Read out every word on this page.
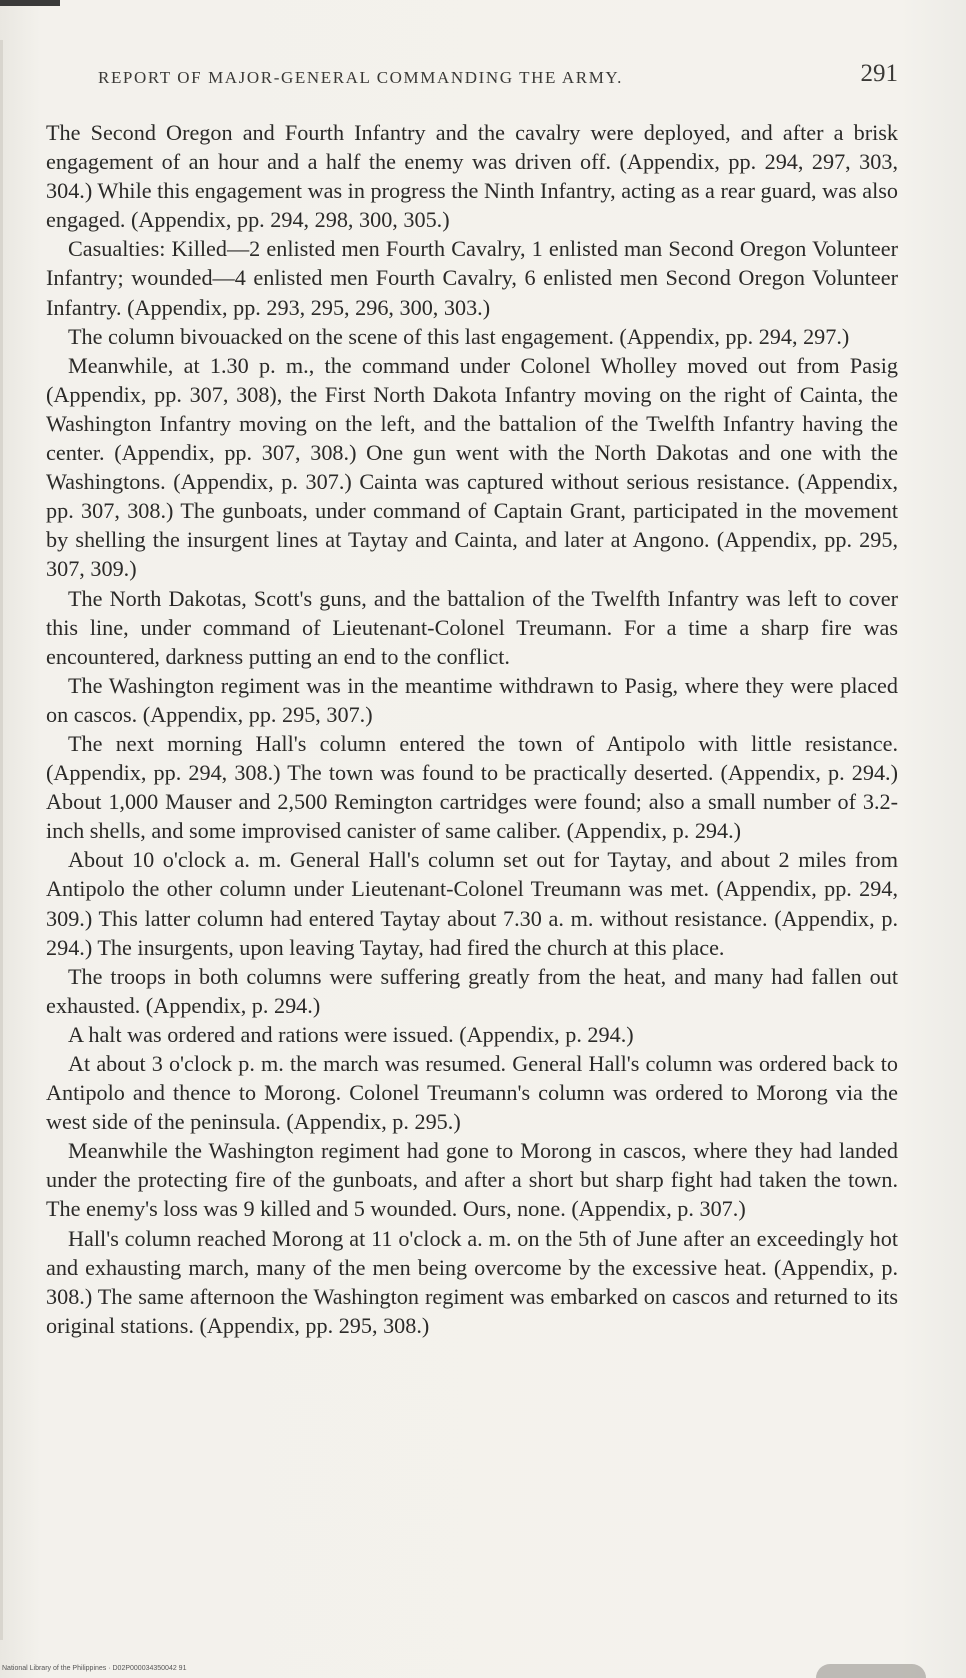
REPORT OF MAJOR-GENERAL COMMANDING THE ARMY.	291

The Second Oregon and Fourth Infantry and the cavalry were deployed, and after a brisk engagement of an hour and a half the enemy was driven off. (Appendix, pp. 294, 297, 303, 304.) While this engagement was in progress the Ninth Infantry, acting as a rear guard, was also engaged. (Appendix, pp. 294, 298, 300, 305.)

Casualties: Killed—2 enlisted men Fourth Cavalry, 1 enlisted man Second Oregon Volunteer Infantry; wounded—4 enlisted men Fourth Cavalry, 6 enlisted men Second Oregon Volunteer Infantry. (Appendix, pp. 293, 295, 296, 300, 303.)

The column bivouacked on the scene of this last engagement. (Appendix, pp. 294, 297.)

Meanwhile, at 1.30 p. m., the command under Colonel Wholley moved out from Pasig (Appendix, pp. 307, 308), the First North Dakota Infantry moving on the right of Cainta, the Washington Infantry moving on the left, and the battalion of the Twelfth Infantry having the center. (Appendix, pp. 307, 308.) One gun went with the North Dakotas and one with the Washingtons. (Appendix, p. 307.) Cainta was captured without serious resistance. (Appendix, pp. 307, 308.) The gunboats, under command of Captain Grant, participated in the movement by shelling the insurgent lines at Taytay and Cainta, and later at Angono. (Appendix, pp. 295, 307, 309.)

The North Dakotas, Scott's guns, and the battalion of the Twelfth Infantry was left to cover this line, under command of Lieutenant-Colonel Treumann. For a time a sharp fire was encountered, darkness putting an end to the conflict.

The Washington regiment was in the meantime withdrawn to Pasig, where they were placed on cascos. (Appendix, pp. 295, 307.)

The next morning Hall's column entered the town of Antipolo with little resistance. (Appendix, pp. 294, 308.) The town was found to be practically deserted. (Appendix, p. 294.) About 1,000 Mauser and 2,500 Remington cartridges were found; also a small number of 3.2-inch shells, and some improvised canister of same caliber. (Appendix, p. 294.)

About 10 o'clock a. m. General Hall's column set out for Taytay, and about 2 miles from Antipolo the other column under Lieutenant-Colonel Treumann was met. (Appendix, pp. 294, 309.) This latter column had entered Taytay about 7.30 a. m. without resistance. (Appendix, p. 294.) The insurgents, upon leaving Taytay, had fired the church at this place.

The troops in both columns were suffering greatly from the heat, and many had fallen out exhausted. (Appendix, p. 294.)

A halt was ordered and rations were issued. (Appendix, p. 294.)

At about 3 o'clock p. m. the march was resumed. General Hall's column was ordered back to Antipolo and thence to Morong. Colonel Treumann's column was ordered to Morong via the west side of the peninsula. (Appendix, p. 295.)

Meanwhile the Washington regiment had gone to Morong in cascos, where they had landed under the protecting fire of the gunboats, and after a short but sharp fight had taken the town. The enemy's loss was 9 killed and 5 wounded. Ours, none. (Appendix, p. 307.)

Hall's column reached Morong at 11 o'clock a. m. on the 5th of June after an exceedingly hot and exhausting march, many of the men being overcome by the excessive heat. (Appendix, p. 308.) The same afternoon the Washington regiment was embarked on cascos and returned to its original stations. (Appendix, pp. 295, 308.)

National Library of the Philippines · D02P000034350042 91
